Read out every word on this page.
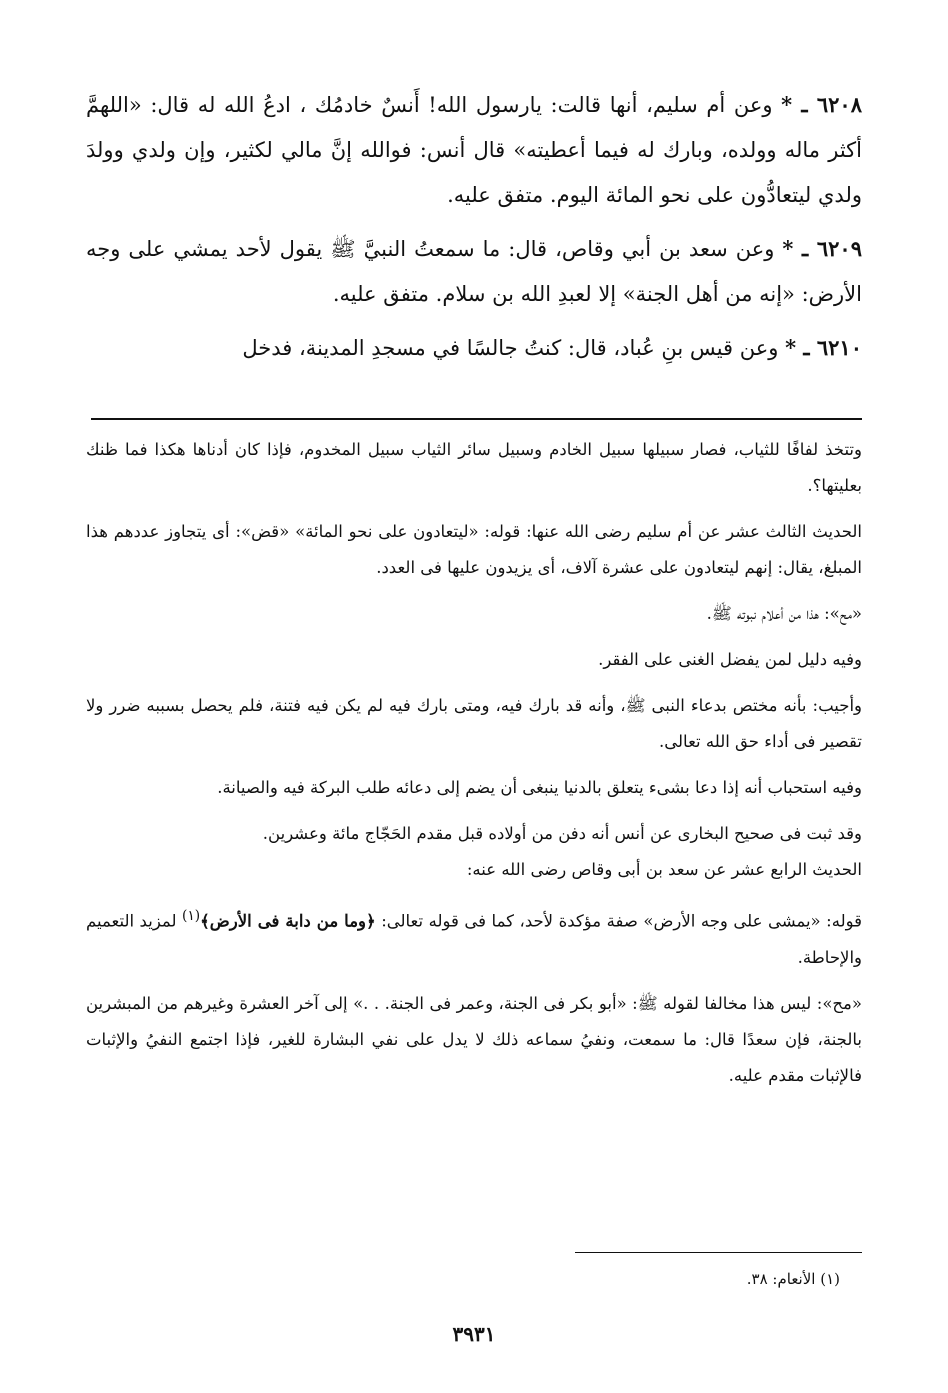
٦٢٠٨ ـ * وعن أم سليم، أنها قالت: يارسول الله! أَنسٌ خادمُك ، ادعُ الله له قال: «اللهمَّ أكثر ماله وولده، وبارك له فيما أعطيته» قال أنس: فوالله إنَّ مالي لكثير، وإن ولدي وولدَ ولدي ليتعادُّون على نحو المائة اليوم. متفق عليه.

٦٢٠٩ ـ * وعن سعد بن أبي وقاص، قال: ما سمعتُ النبيَّ ﷺ يقول لأحد يمشي على وجه الأرض: «إنه من أهل الجنة» إلا لعبدِ الله بن سلام. متفق عليه.

٦٢١٠ ـ * وعن قيس بنِ عُباد، قال: كنتُ جالسًا في مسجدِ المدينة، فدخل

وتتخذ لفافًا للثياب، فصار سبيلها سبيل الخادم وسبيل سائر الثياب سبيل المخدوم، فإذا كان أدناها هكذا فما ظنك بعليتها؟.

الحديث الثالث عشر عن أم سليم رضى الله عنها: قوله: «ليتعادون على نحو المائة» «قض»: أى يتجاوز عددهم هذا المبلغ، يقال: إنهم ليتعادون على عشرة آلاف، أى يزيدون عليها فى العدد.

«مح»: هذا من أعلام نبوته ﷺ.

وفيه دليل لمن يفضل الغنى على الفقر.

وأجيب: بأنه مختص بدعاء النبى ﷺ، وأنه قد بارك فيه، ومتى بارك فيه لم يكن فيه فتنة، فلم يحصل بسببه ضرر ولا تقصير فى أداء حق الله تعالى.

وفيه استحباب أنه إذا دعا بشىء يتعلق بالدنيا ينبغى أن يضم إلى دعائه طلب البركة فيه والصيانة.

وقد ثبت فى صحيح البخارى عن أنس أنه دفن من أولاده قبل مقدم الحَجّاج مائة وعشرين.

الحديث الرابع عشر عن سعد بن أبى وقاص رضى الله عنه:

قوله: «يمشى على وجه الأرض» صفة مؤكدة لأحد، كما فى قوله تعالى: ﴿وما من دابة فى الأرض﴾$^{(١)}$ لمزيد التعميم والإحاطة.

«مح»: ليس هذا مخالفا لقوله ﷺ: «أبو بكر فى الجنة، وعمر فى الجنة. . .» إلى آخر العشرة وغيرهم من المبشرين بالجنة، فإن سعدًا قال: ما سمعت، ونفيُ سماعه ذلك لا يدل على نفي البشارة للغير، فإذا اجتمع النفيُ والإثبات فالإثبات مقدم عليه.

(١) الأنعام: ٣٨.
٣٩٣١
